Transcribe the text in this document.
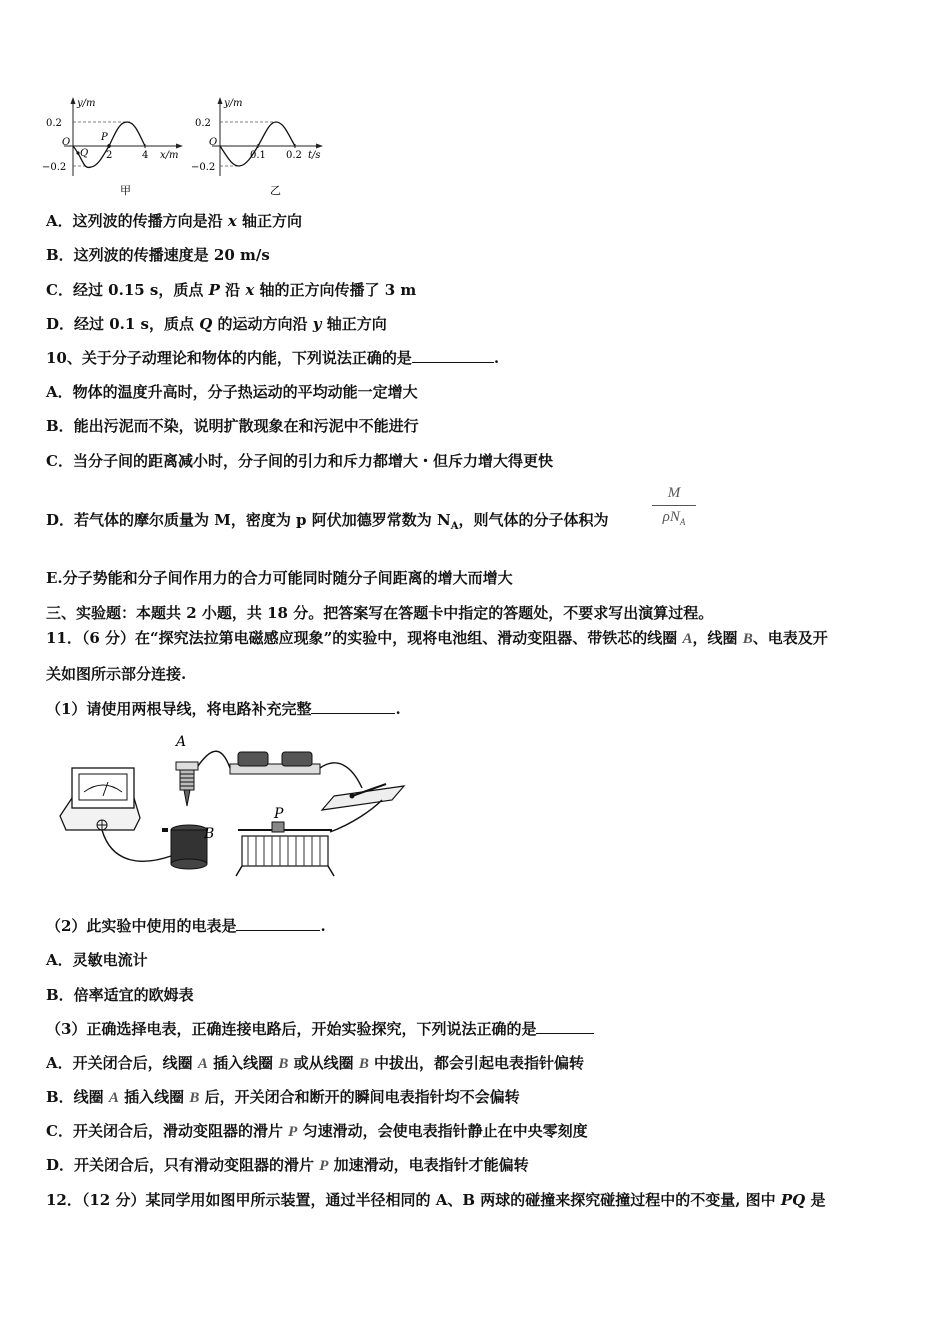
y/m
0.2
−0.2
O
Q
P
2	4 x/m
甲
y/m
0.2
−0.2
O
0.1 0.2 t/s
乙
A．这列波的传播方向是沿 x 轴正方向
B．这列波的传播速度是 20 m/s
C．经过 0.15 s，质点 P 沿 x 轴的正方向传播了 3 m
D．经过 0.1 s，质点 Q 的运动方向沿 y 轴正方向
10、关于分子动理论和物体的内能，下列说法正确的是	.
A．物体的温度升高时，分子热运动的平均动能一定增大
B．能出污泥而不染，说明扩散现象在和污泥中不能进行
C．当分子间的距离减小时，分子间的引力和斥力都增大・但斥力增大得更快
D．若气体的摩尔质量为 M，密度为 p 阿伏加德罗常数为 $N_A$，则气体的分子体积为
M
$\rho N_A$
E.分子势能和分子间作用力的合力可能同时随分子间距离的增大而增大
三、实验题：本题共 2 小题，共 18 分。把答案写在答题卡中指定的答题处，不要求写出演算过程。
11．（6 分）在“探究法拉第电磁感应现象”的实验中，现将电池组、滑动变阻器、带铁芯的线圈 A，线圈 B、电表及开
关如图所示部分连接.
（1）请使用两根导线，将电路补充完整	.
A
B
P
（2）此实验中使用的电表是	.
A．灵敏电流计
B．倍率适宜的欧姆表
（3）正确选择电表，正确连接电路后，开始实验探究，下列说法正确的是
A．开关闭合后，线圈 A 插入线圈 B 或从线圈 B 中拔出，都会引起电表指针偏转
B．线圈 A 插入线圈 B 后，开关闭合和断开的瞬间电表指针均不会偏转
C．开关闭合后，滑动变阻器的滑片 P 匀速滑动，会使电表指针静止在中央零刻度
D．开关闭合后，只有滑动变阻器的滑片 P 加速滑动，电表指针才能偏转
12．（12 分）某同学用如图甲所示装置，通过半径相同的 A、B 两球的碰撞来探究碰撞过程中的不变量, 图中 PQ 是
